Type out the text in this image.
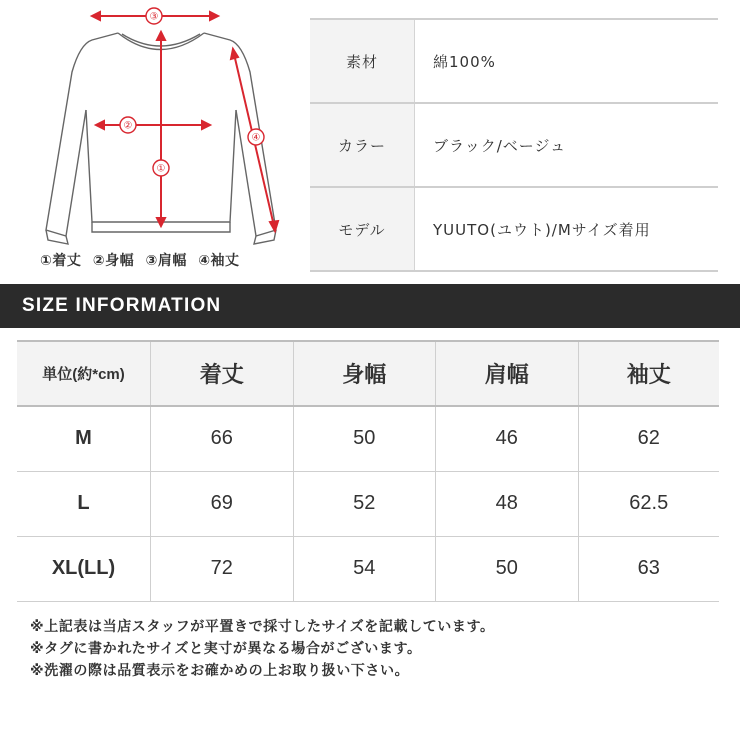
③
②
①
④
①着丈 ②身幅 ③肩幅 ④袖丈
素材	綿100%
カラー	ブラック/ベージュ
モデル	YUUTO(ユウト)/Mサイズ着用
SIZE INFORMATION
単位(約*cm)	着丈	身幅	肩幅	袖丈
M	66	50	46	62
L	69	52	48	62.5
XL(LL)	72	54	50	63
※上記表は当店スタッフが平置きで採寸したサイズを記載しています。
※タグに書かれたサイズと実寸が異なる場合がございます。
※洗濯の際は品質表示をお確かめの上お取り扱い下さい。
